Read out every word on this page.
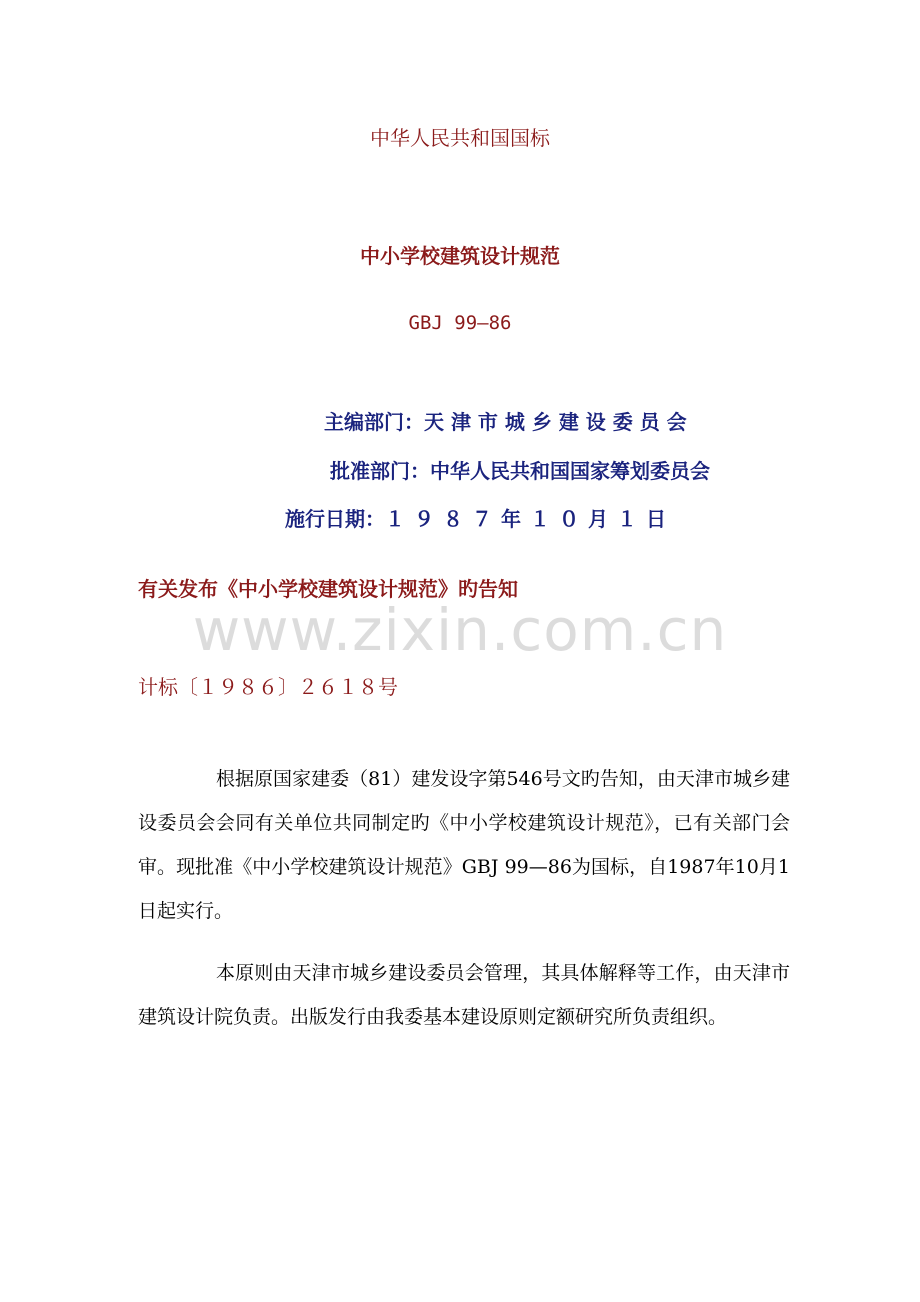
中华人民共和国国标
中小学校建筑设计规范
GBJ 99—86
主编部门：天 津 市 城 乡 建 设 委 员 会
批准部门：中华人民共和国国家筹划委员会
施行日期：１９８７年１０月１日
有关发布《中小学校建筑设计规范》旳告知
www.zixin.com.cn
计标〔１９８６〕２６１８号

根据原国家建委（81）建发设字第546号文旳告知，由天津市城乡建设委员会会同有关单位共同制定旳《中小学校建筑设计规范》，已有关部门会审。现批准《中小学校建筑设计规范》GBJ 99—86为国标，自1987年10月1日起实行。

本原则由天津市城乡建设委员会管理，其具体解释等工作，由天津市建筑设计院负责。出版发行由我委基本建设原则定额研究所负责组织。
